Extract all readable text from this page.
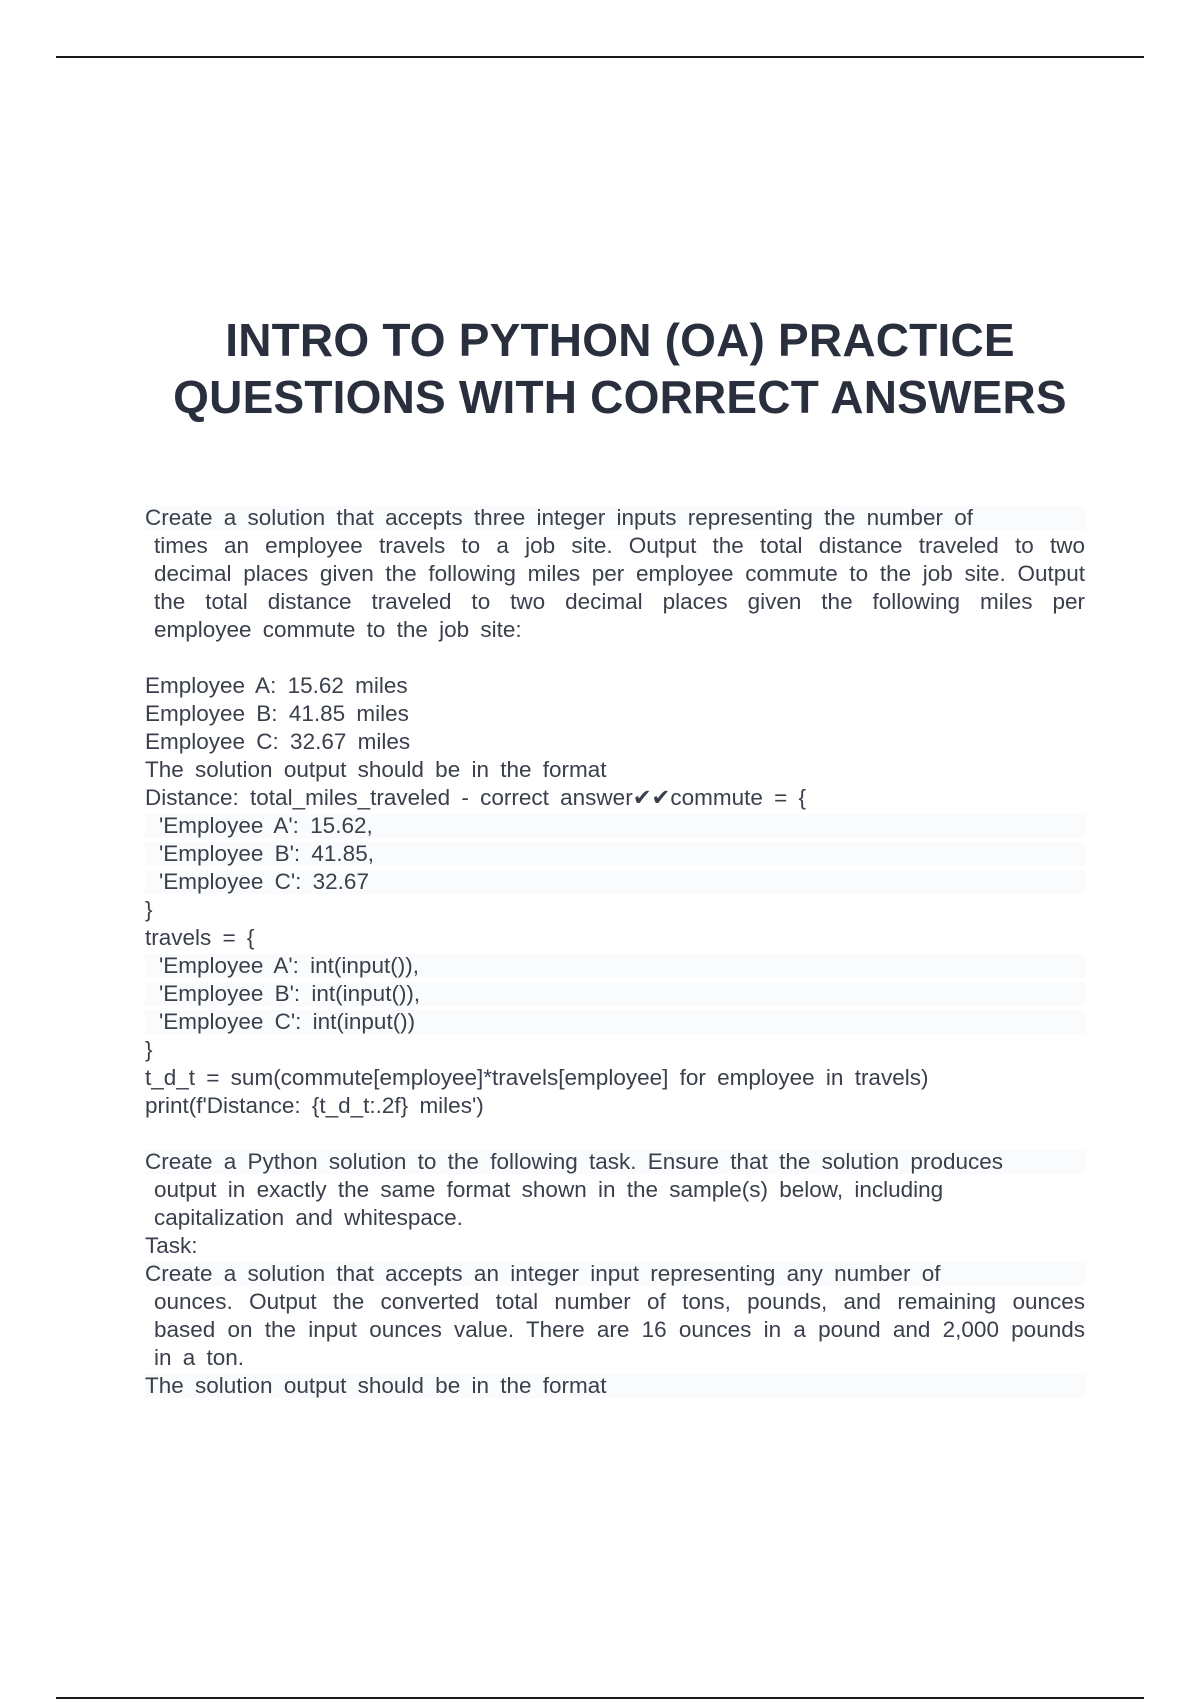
INTRO TO PYTHON (OA) PRACTICE
QUESTIONS WITH CORRECT ANSWERS
Create a solution that accepts three integer inputs representing the number of
times an employee travels to a job site. Output the total distance traveled to two decimal places given the following miles per employee commute to the job site. Output the total distance traveled to two decimal places given the following miles per employee commute to the job site:
Employee A: 15.62 miles
Employee B: 41.85 miles
Employee C: 32.67 miles
The solution output should be in the format
Distance: total_miles_traveled - correct answer✔✔commute = {
'Employee A': 15.62,
'Employee B': 41.85,
'Employee C': 32.67
}
travels = {
'Employee A': int(input()),
'Employee B': int(input()),
'Employee C': int(input())
}
t_d_t = sum(commute[employee]*travels[employee] for employee in travels)
print(f'Distance: {t_d_t:.2f} miles')
Create a Python solution to the following task. Ensure that the solution produces
output in exactly the same format shown in the sample(s) below, including capitalization and whitespace.
Task:
Create a solution that accepts an integer input representing any number of
ounces. Output the converted total number of tons, pounds, and remaining ounces based on the input ounces value. There are 16 ounces in a pound and 2,000 pounds in a ton.
The solution output should be in the format
